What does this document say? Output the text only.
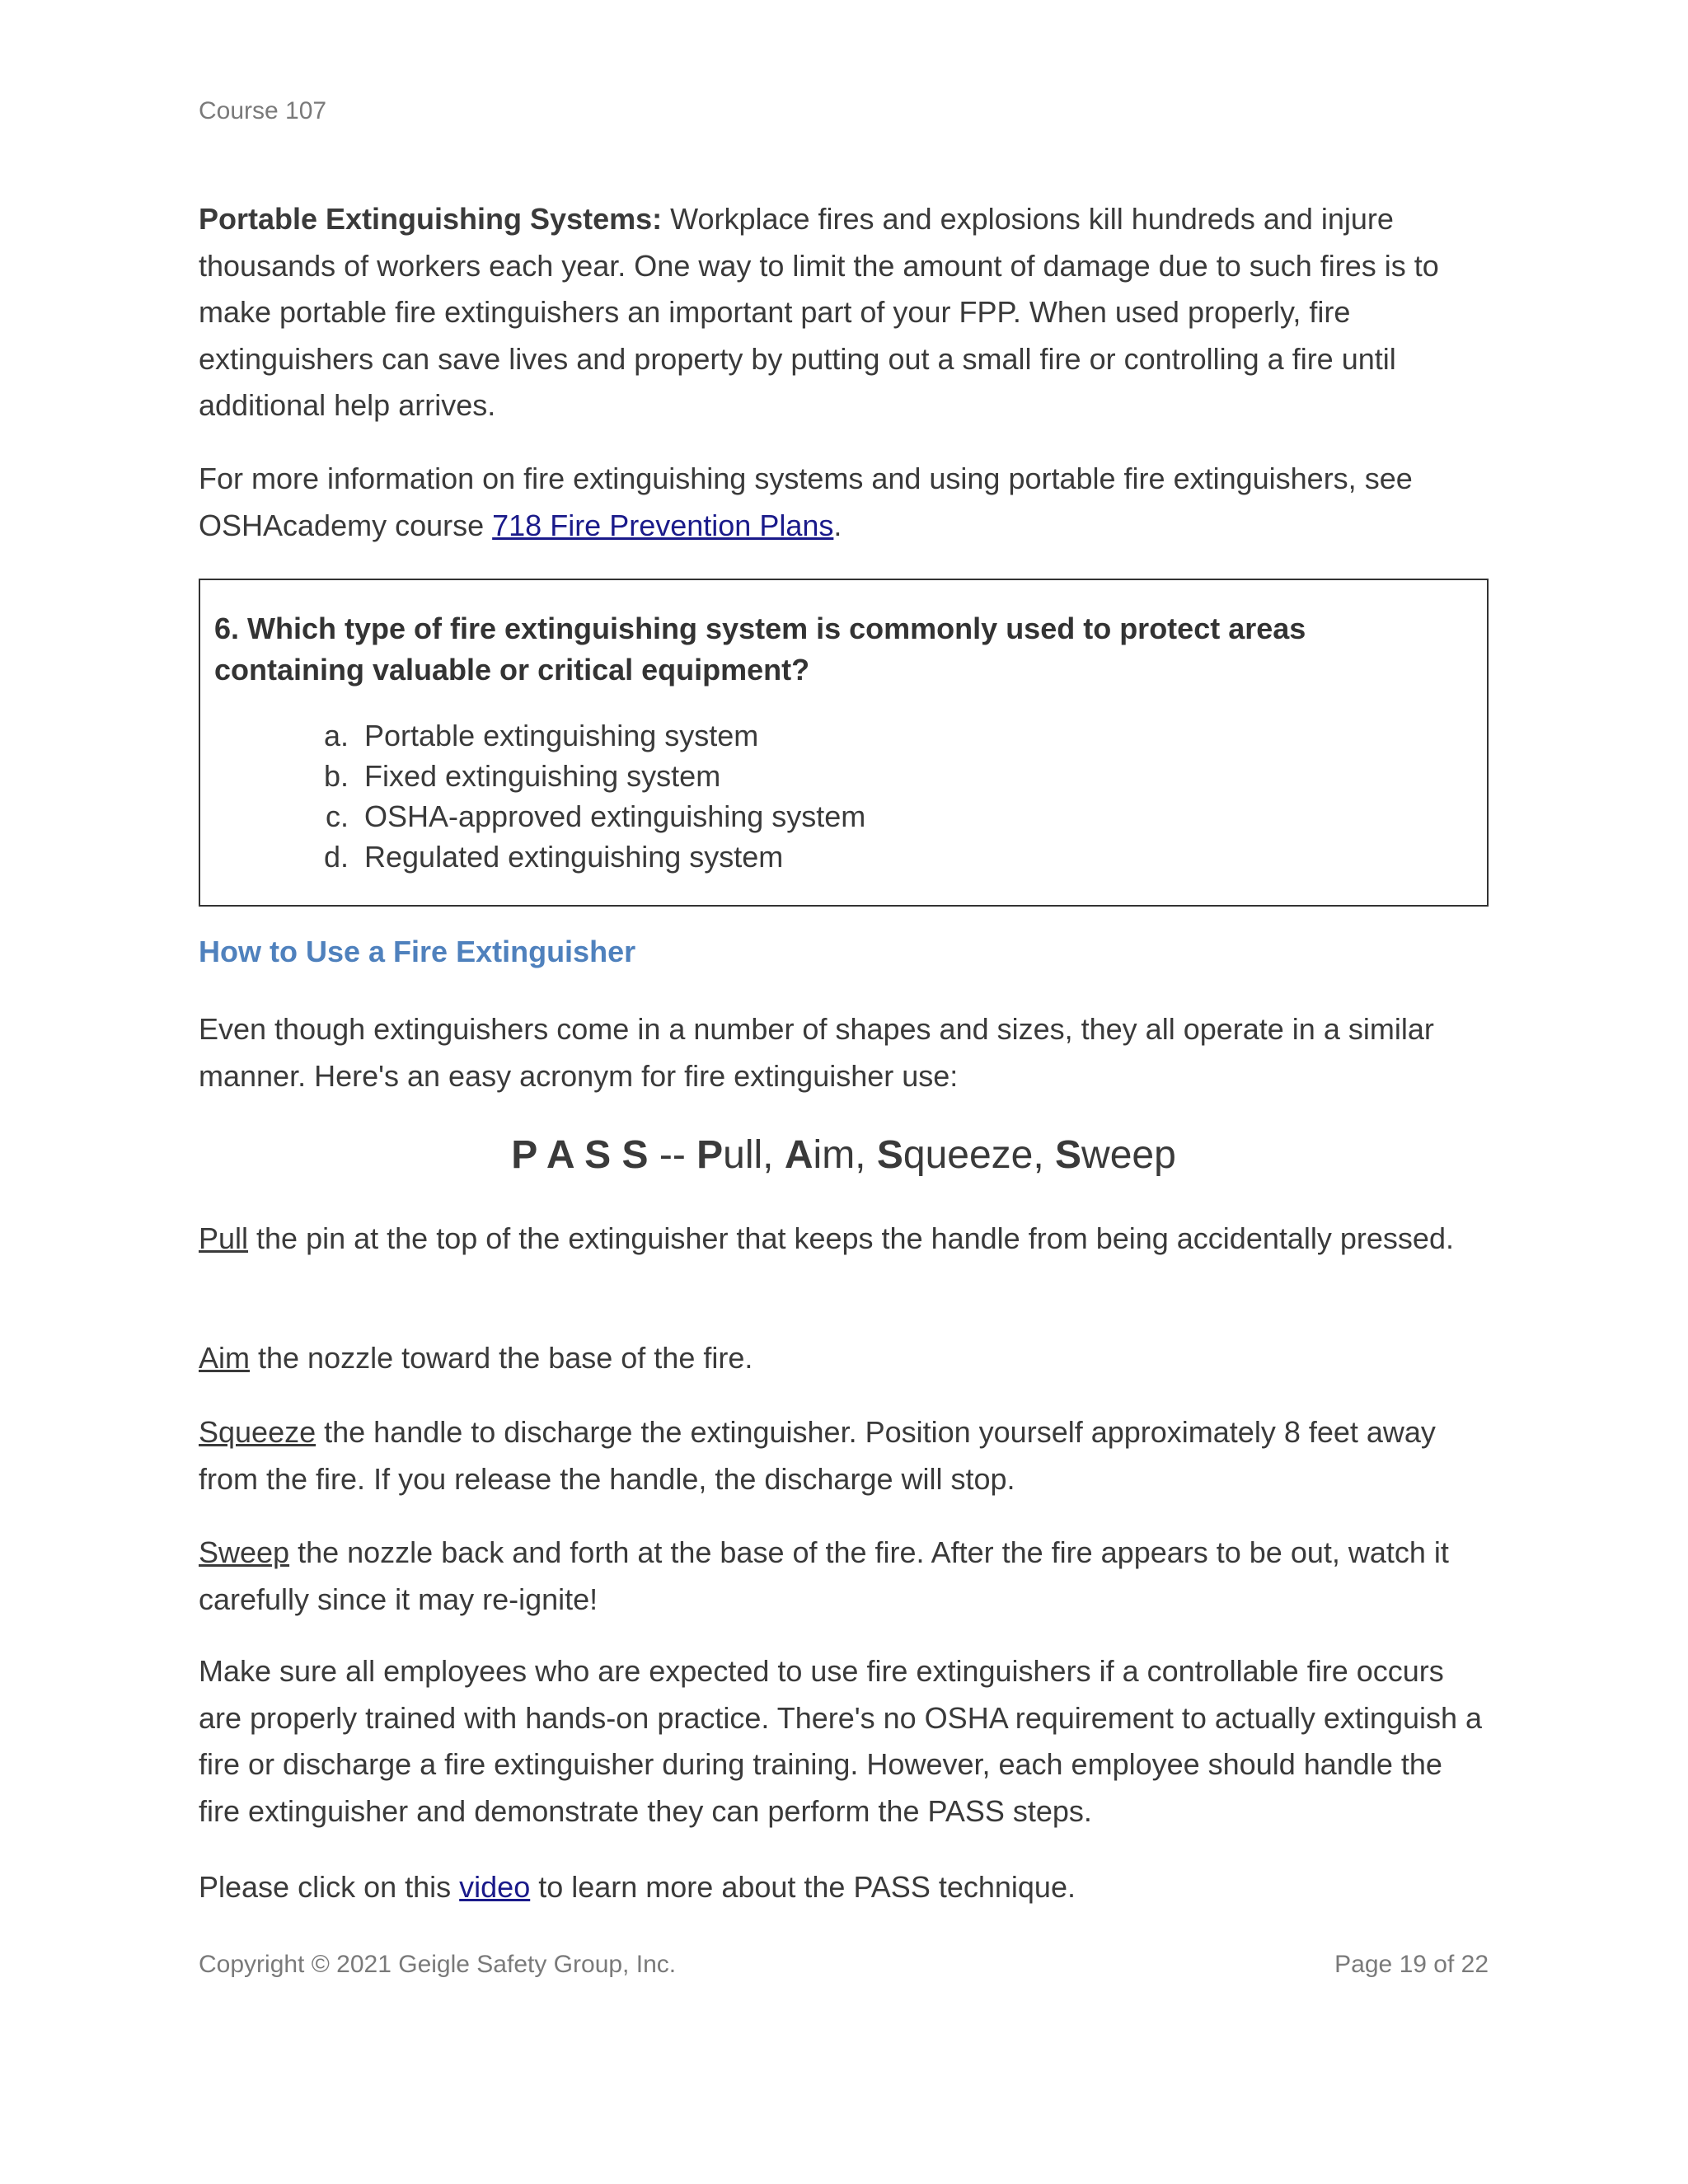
Course 107

Portable Extinguishing Systems: Workplace fires and explosions kill hundreds and injure thousands of workers each year. One way to limit the amount of damage due to such fires is to make portable fire extinguishers an important part of your FPP. When used properly, fire extinguishers can save lives and property by putting out a small fire or controlling a fire until additional help arrives.

For more information on fire extinguishing systems and using portable fire extinguishers, see OSHAcademy course 718 Fire Prevention Plans.

6. Which type of fire extinguishing system is commonly used to protect areas containing valuable or critical equipment?
a. Portable extinguishing system
b. Fixed extinguishing system
c. OSHA-approved extinguishing system
d. Regulated extinguishing system
How to Use a Fire Extinguisher

Even though extinguishers come in a number of shapes and sizes, they all operate in a similar manner. Here's an easy acronym for fire extinguisher use:

P A S S -- Pull, Aim, Squeeze, Sweep

Pull the pin at the top of the extinguisher that keeps the handle from being accidentally pressed.

Aim the nozzle toward the base of the fire.

Squeeze the handle to discharge the extinguisher. Position yourself approximately 8 feet away from the fire. If you release the handle, the discharge will stop.

Sweep the nozzle back and forth at the base of the fire. After the fire appears to be out, watch it carefully since it may re-ignite!

Make sure all employees who are expected to use fire extinguishers if a controllable fire occurs are properly trained with hands-on practice. There's no OSHA requirement to actually extinguish a fire or discharge a fire extinguisher during training. However, each employee should handle the fire extinguisher and demonstrate they can perform the PASS steps.

Please click on this video to learn more about the PASS technique.

Copyright © 2021 Geigle Safety Group, Inc.	Page 19 of 22
